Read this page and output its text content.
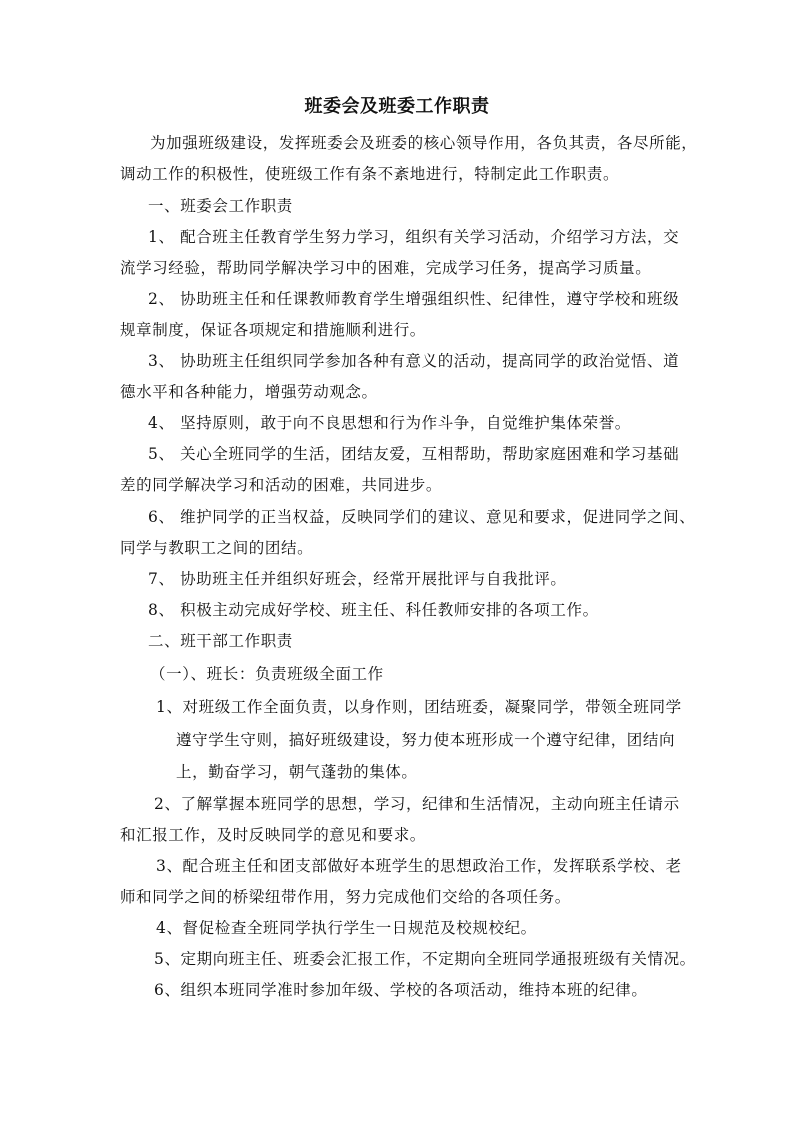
班委会及班委工作职责
为加强班级建设，发挥班委会及班委的核心领导作用，各负其责，各尽所能，
调动工作的积极性，使班级工作有条不紊地进行，特制定此工作职责。
一、班委会工作职责
1、 配合班主任教育学生努力学习，组织有关学习活动，介绍学习方法，交
流学习经验，帮助同学解决学习中的困难，完成学习任务，提高学习质量。
2、 协助班主任和任课教师教育学生增强组织性、纪律性，遵守学校和班级
规章制度，保证各项规定和措施顺利进行。
3、 协助班主任组织同学参加各种有意义的活动，提高同学的政治觉悟、道
德水平和各种能力，增强劳动观念。
4、 坚持原则，敢于向不良思想和行为作斗争，自觉维护集体荣誉。
5、 关心全班同学的生活，团结友爱，互相帮助，帮助家庭困难和学习基础
差的同学解决学习和活动的困难，共同进步。
6、 维护同学的正当权益，反映同学们的建议、意见和要求，促进同学之间、
同学与教职工之间的团结。
7、 协助班主任并组织好班会，经常开展批评与自我批评。
8、 积极主动完成好学校、班主任、科任教师安排的各项工作。
二、班干部工作职责
（一）、班长：负责班级全面工作
1、对班级工作全面负责，以身作则，团结班委，凝聚同学，带领全班同学
遵守学生守则，搞好班级建设，努力使本班形成一个遵守纪律，团结向
上，勤奋学习，朝气蓬勃的集体。
2、了解掌握本班同学的思想，学习，纪律和生活情况，主动向班主任请示
和汇报工作，及时反映同学的意见和要求。
3、配合班主任和团支部做好本班学生的思想政治工作，发挥联系学校、老
师和同学之间的桥梁纽带作用，努力完成他们交给的各项任务。
4、督促检查全班同学执行学生一日规范及校规校纪。
5、定期向班主任、班委会汇报工作，不定期向全班同学通报班级有关情况。
6、组织本班同学准时参加年级、学校的各项活动，维持本班的纪律。
